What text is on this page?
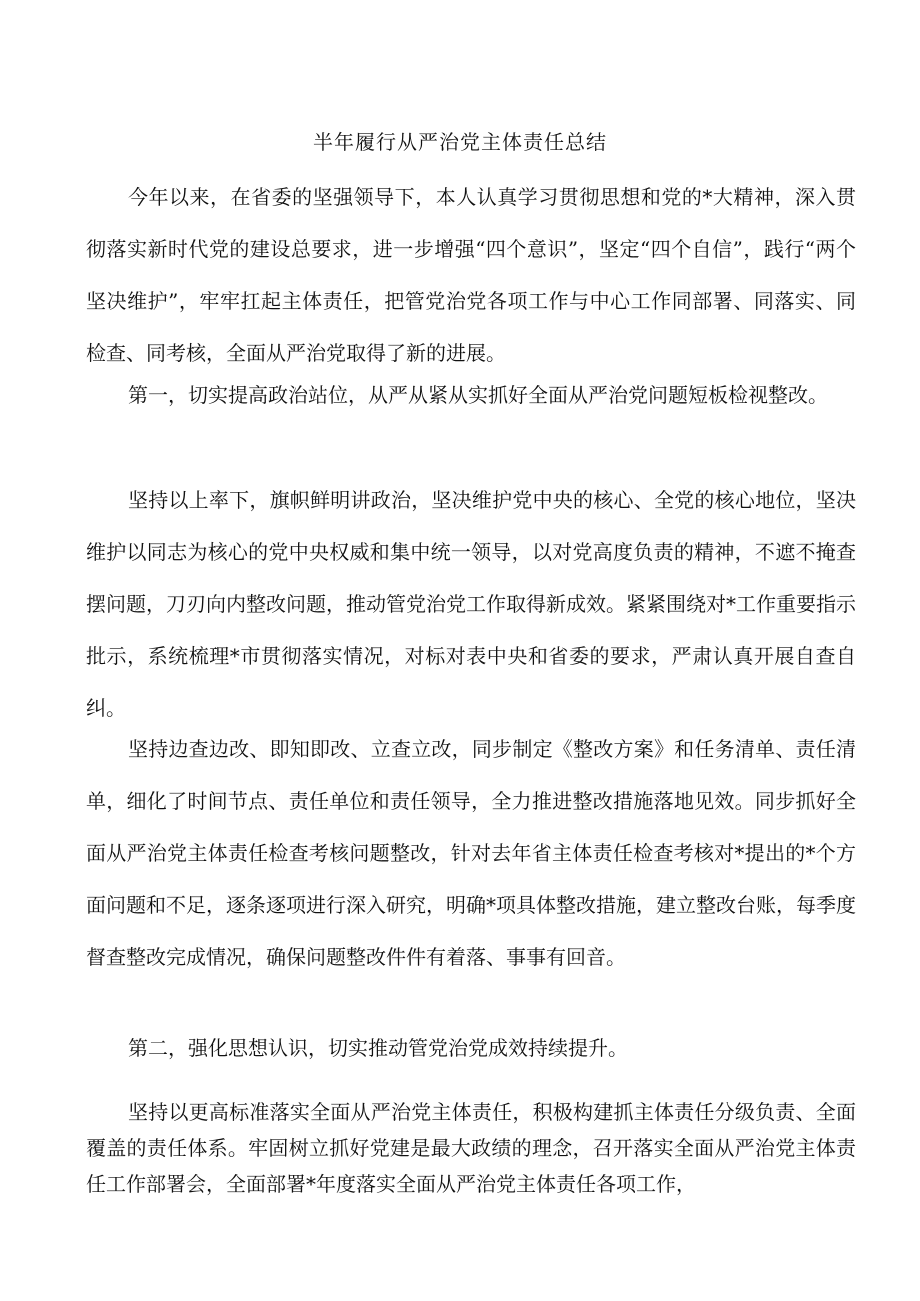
半年履行从严治党主体责任总结

今年以来，在省委的坚强领导下，本人认真学习贯彻思想和党的*大精神，深入贯彻落实新时代党的建设总要求，进一步增强“四个意识”，坚定“四个自信”，践行“两个坚决维护”，牢牢扛起主体责任，把管党治党各项工作与中心工作同部署、同落实、同检查、同考核，全面从严治党取得了新的进展。

第一，切实提高政治站位，从严从紧从实抓好全面从严治党问题短板检视整改。

坚持以上率下，旗帜鲜明讲政治，坚决维护党中央的核心、全党的核心地位，坚决维护以同志为核心的党中央权威和集中统一领导，以对党高度负责的精神，不遮不掩查摆问题，刀刃向内整改问题，推动管党治党工作取得新成效。紧紧围绕对*工作重要指示批示，系统梳理*市贯彻落实情况，对标对表中央和省委的要求，严肃认真开展自查自纠。

坚持边查边改、即知即改、立查立改，同步制定《整改方案》和任务清单、责任清单，细化了时间节点、责任单位和责任领导，全力推进整改措施落地见效。同步抓好全面从严治党主体责任检查考核问题整改，针对去年省主体责任检查考核对*提出的*个方面问题和不足，逐条逐项进行深入研究，明确*项具体整改措施，建立整改台账，每季度督查整改完成情况，确保问题整改件件有着落、事事有回音。

第二，强化思想认识，切实推动管党治党成效持续提升。

坚持以更高标准落实全面从严治党主体责任，积极构建抓主体责任分级负责、全面覆盖的责任体系。牢固树立抓好党建是最大政绩的理念，召开落实全面从严治党主体责任工作部署会，全面部署*年度落实全面从严治党主体责任各项工作，
